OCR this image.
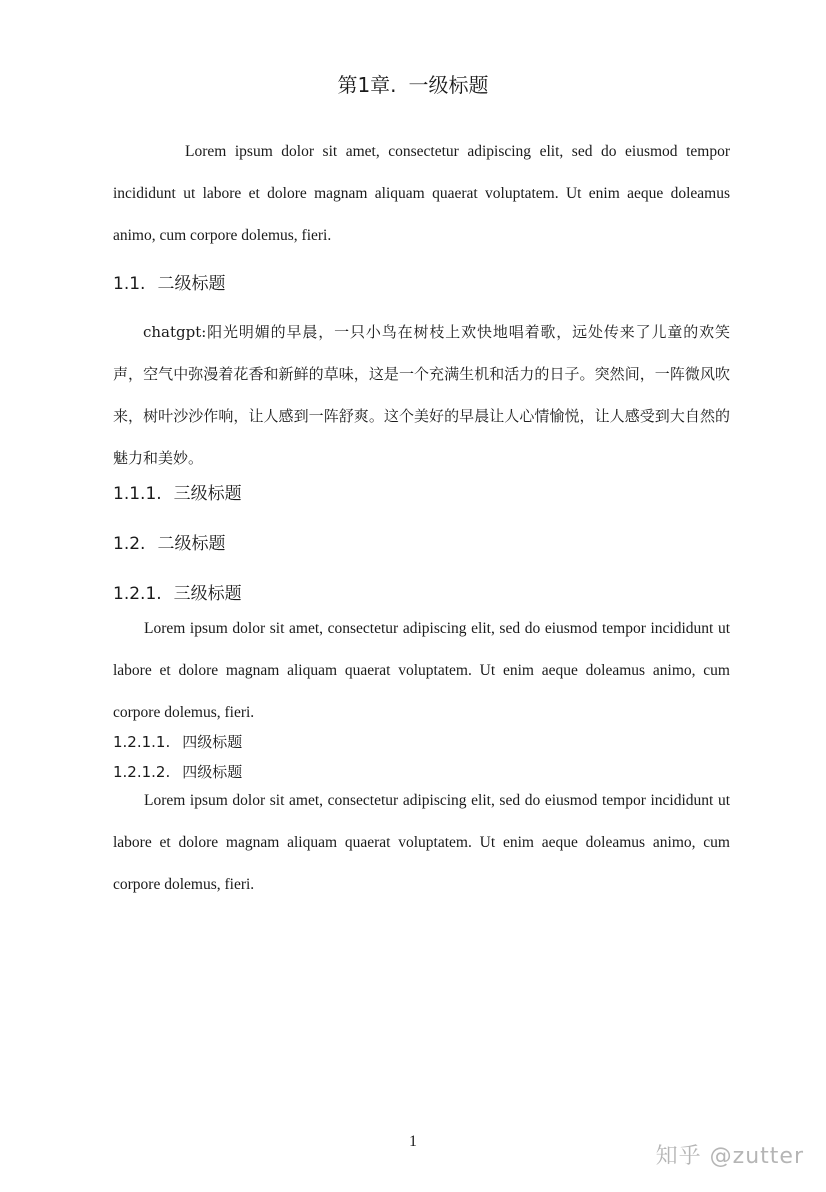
第1章. 一级标题

Lorem ipsum dolor sit amet, consectetur adipiscing elit, sed do eiusmod tempor incididunt ut labore et dolore magnam aliquam quaerat voluptatem. Ut enim aeque doleamus animo, cum corpore dolemus, fieri.

1.1. 二级标题

chatgpt:阳光明媚的早晨，一只小鸟在树枝上欢快地唱着歌，远处传来了儿童的欢笑声，空气中弥漫着花香和新鲜的草味，这是一个充满生机和活力的日子。突然间，一阵微风吹来，树叶沙沙作响，让人感到一阵舒爽。这个美好的早晨让人心情愉悦，让人感受到大自然的魅力和美妙。

1.1.1. 三级标题
1.2. 二级标题
1.2.1. 三级标题

Lorem ipsum dolor sit amet, consectetur adipiscing elit, sed do eiusmod tempor incididunt ut labore et dolore magnam aliquam quaerat voluptatem. Ut enim aeque doleamus animo, cum corpore dolemus, fieri.

1.2.1.1. 四级标题
1.2.1.2. 四级标题

Lorem ipsum dolor sit amet, consectetur adipiscing elit, sed do eiusmod tempor incididunt ut labore et dolore magnam aliquam quaerat voluptatem. Ut enim aeque doleamus animo, cum corpore dolemus, fieri.

1
知乎 @zutter
